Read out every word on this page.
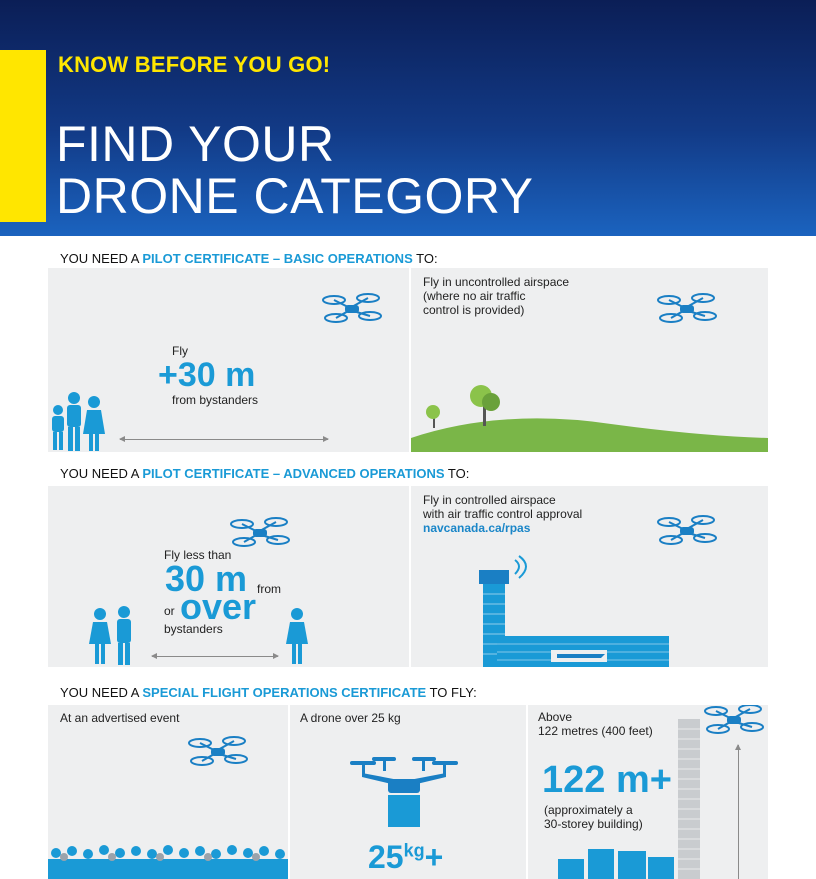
KNOW BEFORE YOU GO!
FIND YOUR
DRONE CATEGORY
YOU NEED A PILOT CERTIFICATE – BASIC OPERATIONS TO:
Fly
+30 m
from bystanders
Fly in uncontrolled airspace
(where no air traffic
control is provided)
YOU NEED A PILOT CERTIFICATE – ADVANCED OPERATIONS TO:
Fly less than
30 m from
or over
bystanders
Fly in controlled airspace
with air traffic control approval
navcanada.ca/rpas
YOU NEED A SPECIAL FLIGHT OPERATIONS CERTIFICATE TO FLY:
At an advertised event	A drone over 25 kg
$25^{kg}+$
Above
122 metres (400 feet)
122 m+
(approximately a
30-storey building)
